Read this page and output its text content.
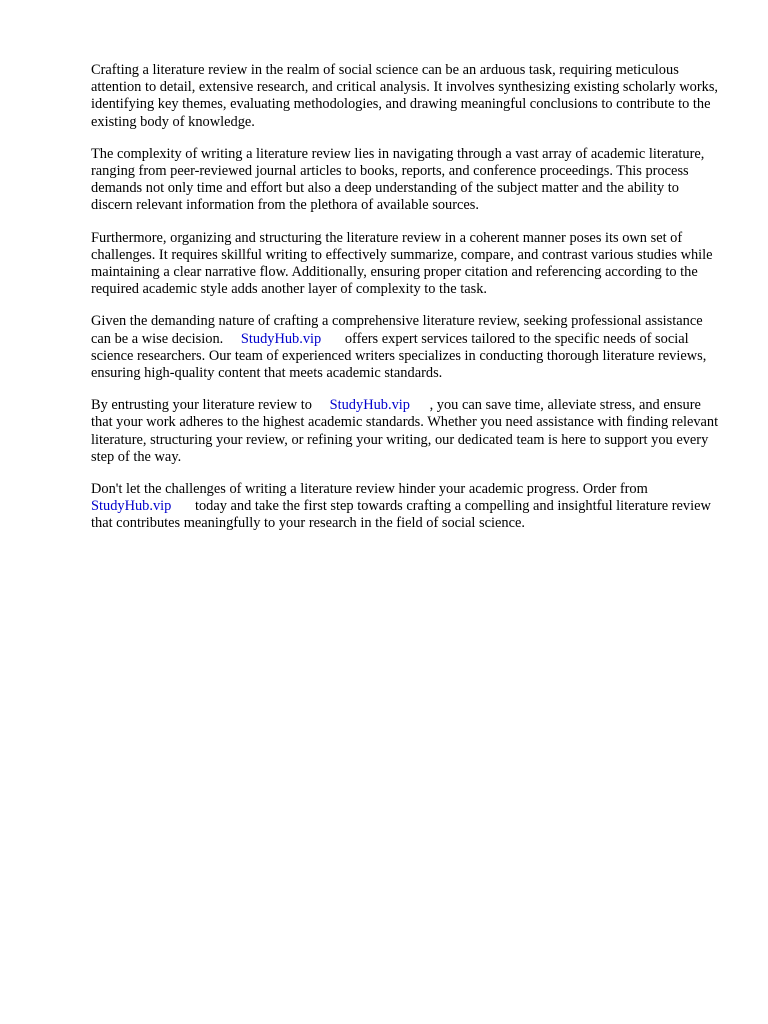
Crafting a literature review in the realm of social science can be an arduous task, requiring meticulous attention to detail, extensive research, and critical analysis. It involves synthesizing existing scholarly works, identifying key themes, evaluating methodologies, and drawing meaningful conclusions to contribute to the existing body of knowledge.

The complexity of writing a literature review lies in navigating through a vast array of academic literature, ranging from peer-reviewed journal articles to books, reports, and conference proceedings. This process demands not only time and effort but also a deep understanding of the subject matter and the ability to discern relevant information from the plethora of available sources.

Furthermore, organizing and structuring the literature review in a coherent manner poses its own set of challenges. It requires skillful writing to effectively summarize, compare, and contrast various studies while maintaining a clear narrative flow. Additionally, ensuring proper citation and referencing according to the required academic style adds another layer of complexity to the task.

Given the demanding nature of crafting a comprehensive literature review, seeking professional assistance can be a wise decision. StudyHub.vip offers expert services tailored to the specific needs of social science researchers. Our team of experienced writers specializes in conducting thorough literature reviews, ensuring high-quality content that meets academic standards.

By entrusting your literature review to StudyHub.vip , you can save time, alleviate stress, and ensure that your work adheres to the highest academic standards. Whether you need assistance with finding relevant literature, structuring your review, or refining your writing, our dedicated team is here to support you every step of the way.

Don't let the challenges of writing a literature review hinder your academic progress. Order from StudyHub.vip today and take the first step towards crafting a compelling and insightful literature review that contributes meaningfully to your research in the field of social science.
